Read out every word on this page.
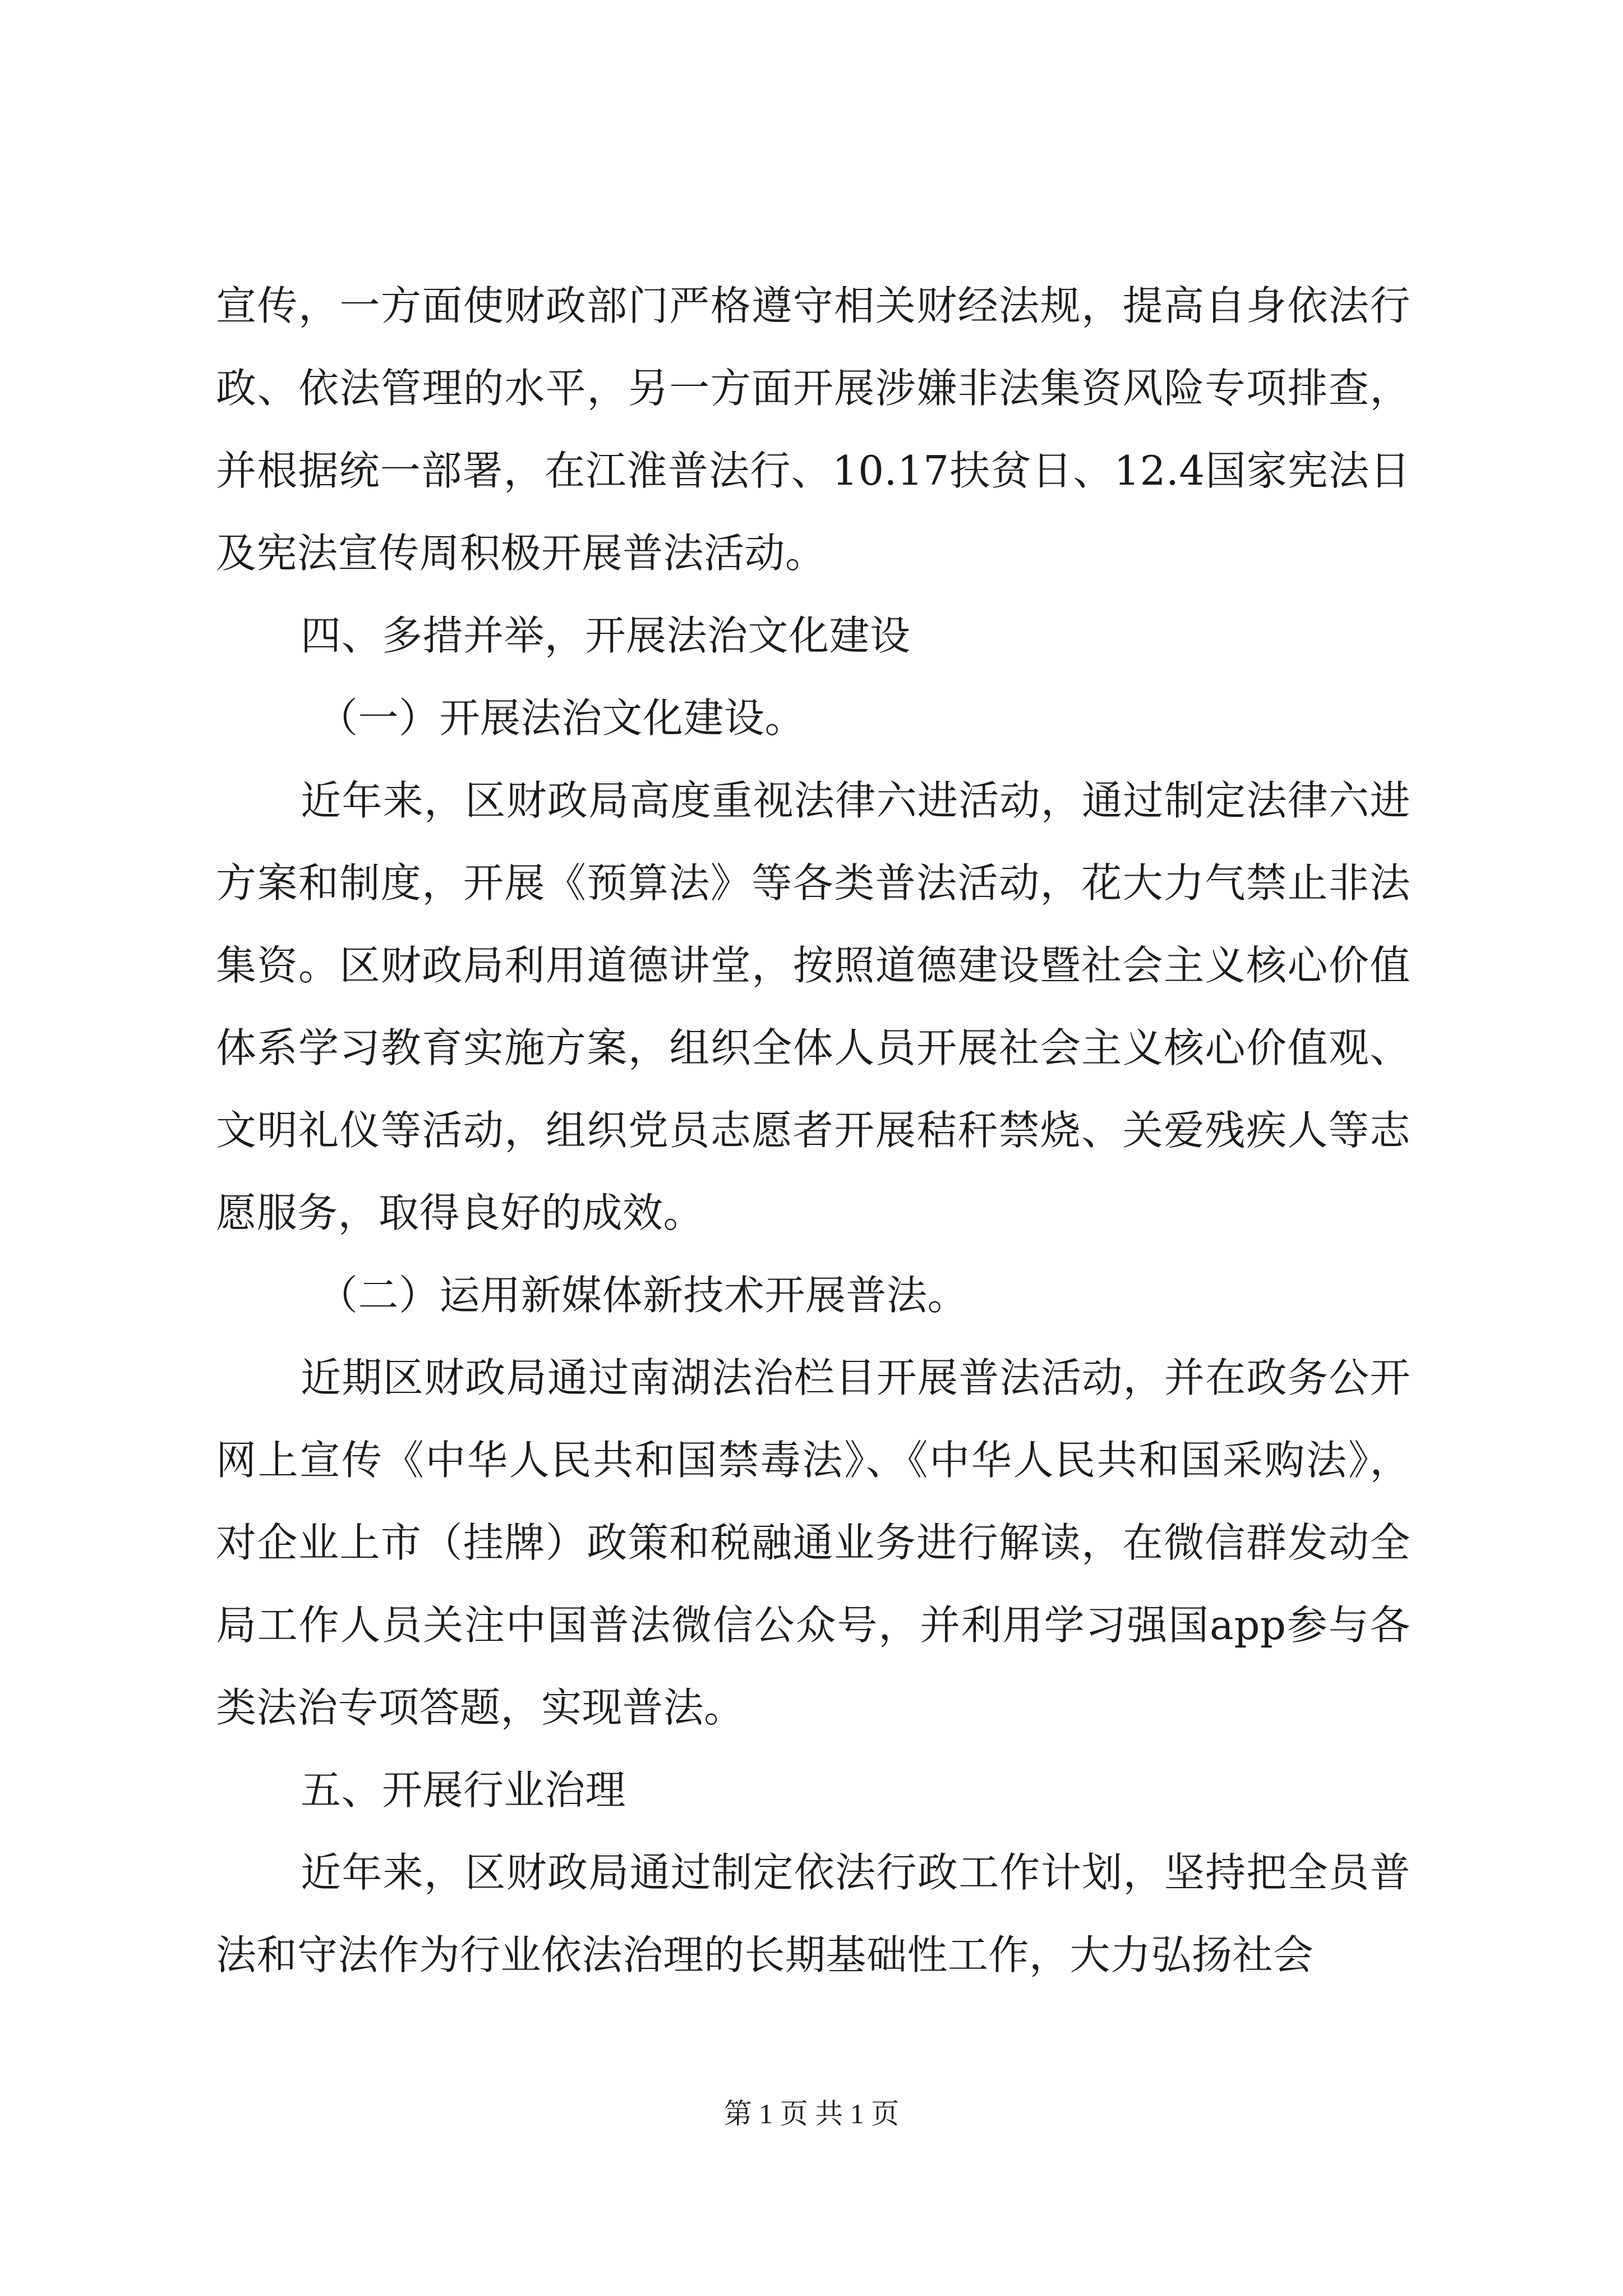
宣传，一方面使财政部门严格遵守相关财经法规，提高自身依法行政、依法管理的水平，另一方面开展涉嫌非法集资风险专项排查，并根据统一部署，在江淮普法行、10.17扶贫日、12.4国家宪法日及宪法宣传周积极开展普法活动。

四、多措并举，开展法治文化建设

（一）开展法治文化建设。

近年来，区财政局高度重视法律六进活动，通过制定法律六进方案和制度，开展《预算法》等各类普法活动，花大力气禁止非法集资。区财政局利用道德讲堂，按照道德建设暨社会主义核心价值体系学习教育实施方案，组织全体人员开展社会主义核心价值观、文明礼仪等活动，组织党员志愿者开展秸秆禁烧、关爱残疾人等志愿服务，取得良好的成效。

（二）运用新媒体新技术开展普法。

近期区财政局通过南湖法治栏目开展普法活动，并在政务公开网上宣传《中华人民共和国禁毒法》、《中华人民共和国采购法》，对企业上市（挂牌）政策和税融通业务进行解读，在微信群发动全局工作人员关注中国普法微信公众号，并利用学习强国app参与各类法治专项答题，实现普法。

五、开展行业治理

近年来，区财政局通过制定依法行政工作计划，坚持把全员普法和守法作为行业依法治理的长期基础性工作，大力弘扬社会

第 1 页 共 1 页
